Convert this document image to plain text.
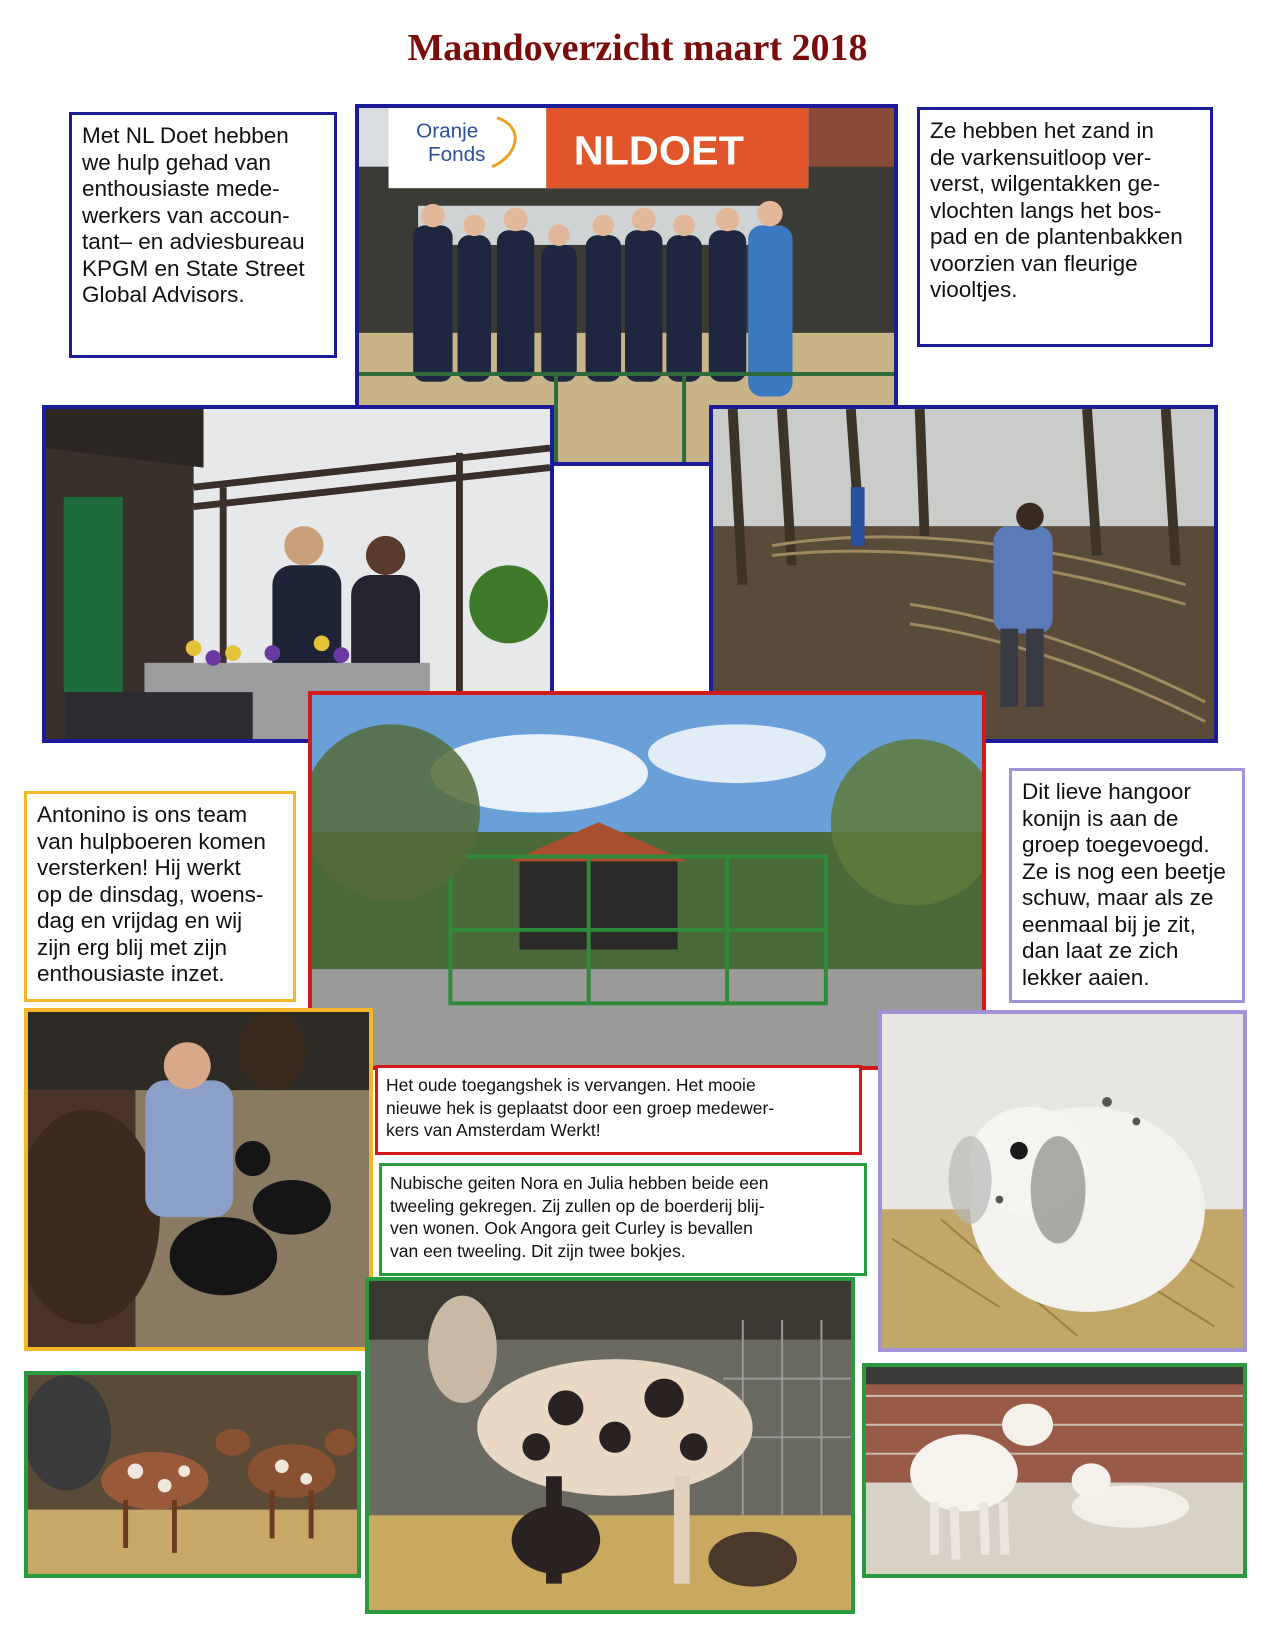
Maandoverzicht maart 2018
Oranje
Fonds NLDOET
Met NL Doet hebben
we hulp gehad van
enthousiaste mede-
werkers van accoun-
tant– en adviesbureau
KPGM en State Street
Global Advisors.
Ze hebben het zand in
de varkensuitloop ver-
verst, wilgentakken ge-
vlochten langs het bos-
pad en de plantenbakken
voorzien van fleurige
viooltjes.
Antonino is ons team
van hulpboeren komen
versterken! Hij werkt
op de dinsdag, woens-
dag en vrijdag en wij
zijn erg blij met zijn
enthousiaste inzet.
Dit lieve hangoor
konijn is aan de
groep toegevoegd.
Ze is nog een beetje
schuw, maar als ze
eenmaal bij je zit,
dan laat ze zich
lekker aaien.
Het oude toegangshek is vervangen. Het mooie
nieuwe hek is geplaatst door een groep medewer-
kers van Amsterdam Werkt!
Nubische geiten Nora en Julia hebben beide een
tweeling gekregen. Zij zullen op de boerderij blij-
ven wonen. Ook Angora geit Curley is bevallen
van een tweeling. Dit zijn twee bokjes.
